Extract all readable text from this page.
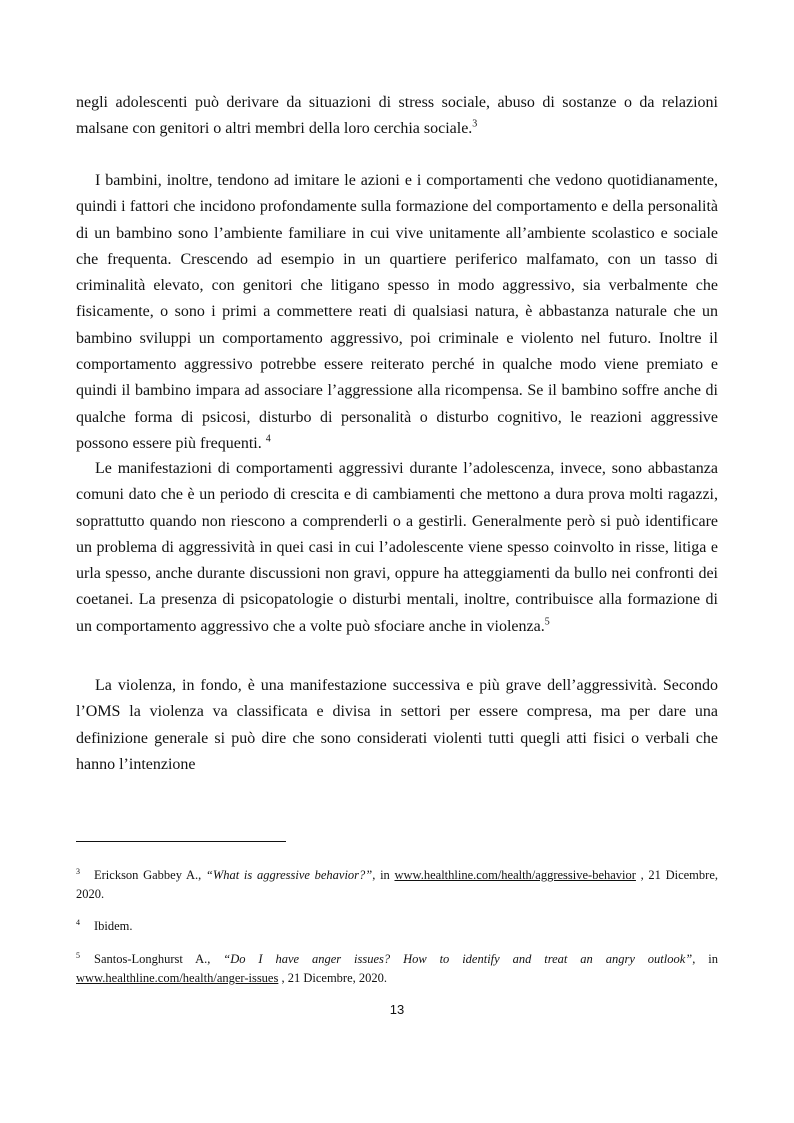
negli adolescenti può derivare da situazioni di stress sociale, abuso di sostanze o da relazioni malsane con genitori o altri membri della loro cerchia sociale.$^3$

I bambini, inoltre, tendono ad imitare le azioni e i comportamenti che vedono quotidianamente, quindi i fattori che incidono profondamente sulla formazione del comportamento e della personalità di un bambino sono l’ambiente familiare in cui vive unitamente all’ambiente scolastico e sociale che frequenta. Crescendo ad esempio in un quartiere periferico malfamato, con un tasso di criminalità elevato, con genitori che litigano spesso in modo aggressivo, sia verbalmente che fisicamente, o sono i primi a commettere reati di qualsiasi natura, è abbastanza naturale che un bambino sviluppi un comportamento aggressivo, poi criminale e violento nel futuro. Inoltre il comportamento aggressivo potrebbe essere reiterato perché in qualche modo viene premiato e quindi il bambino impara ad associare l’aggressione alla ricompensa. Se il bambino soffre anche di qualche forma di psicosi, disturbo di personalità o disturbo cognitivo, le reazioni aggressive possono essere più frequenti. $^4$

Le manifestazioni di comportamenti aggressivi durante l’adolescenza, invece, sono abbastanza comuni dato che è un periodo di crescita e di cambiamenti che mettono a dura prova molti ragazzi, soprattutto quando non riescono a comprenderli o a gestirli. Generalmente però si può identificare un problema di aggressività in quei casi in cui l’adolescente viene spesso coinvolto in risse, litiga e urla spesso, anche durante discussioni non gravi, oppure ha atteggiamenti da bullo nei confronti dei coetanei. La presenza di psicopatologie o disturbi mentali, inoltre, contribuisce alla formazione di un comportamento aggressivo che a volte può sfociare anche in violenza.$^5$

La violenza, in fondo, è una manifestazione successiva e più grave dell’aggressività. Secondo l’OMS la violenza va classificata e divisa in settori per essere compresa, ma per dare una definizione generale si può dire che sono considerati violenti tutti quegli atti fisici o verbali che hanno l’intenzione

$^3$ Erickson Gabbey A., “What is aggressive behavior?”, in www.healthline.com/health/aggressive-behavior , 21 Dicembre, 2020.

$^4$ Ibidem.

$^5$ Santos-Longhurst A., “Do I have anger issues? How to identify and treat an angry outlook”, in www.healthline.com/health/anger-issues , 21 Dicembre, 2020.

13
